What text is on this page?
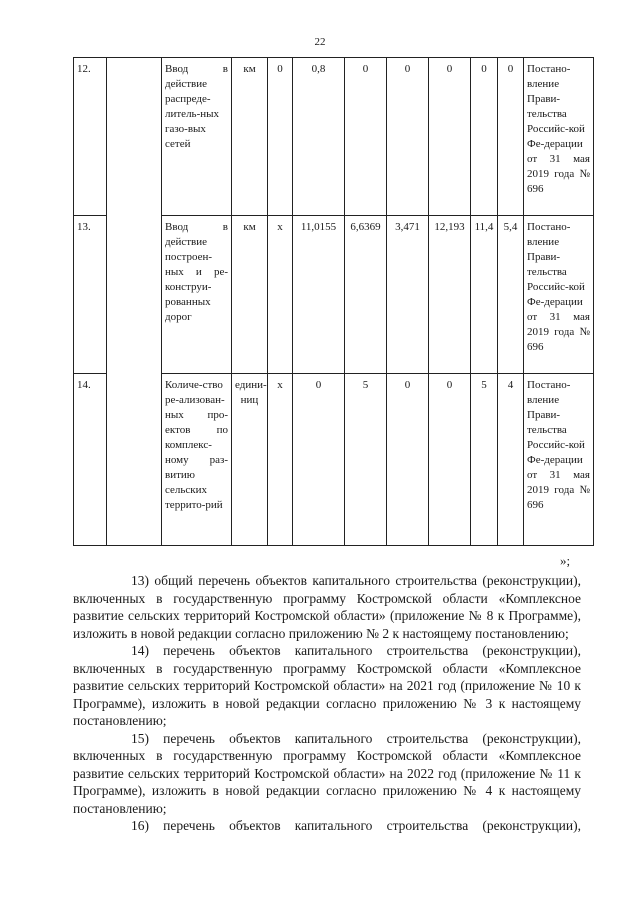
22
12.		Ввод в действие распреде-литель-ных газо-вых сетей	км	0	0,8	0	0	0	0	0	Постано-вление Прави-тельства Российс-кой Фе-дерации от 31 мая 2019 года № 696
13.		Ввод в действие построен-ных и ре-конструи-рованных дорог	км	х	11,0155	6,6369	3,471	12,193	11,4	5,4	Постано-вление Прави-тельства Российс-кой Фе-дерации от 31 мая 2019 года № 696
14.		Количе-ство ре-ализован-ных про-ектов по комплекс-ному раз-витию сельских террито-рий	едини-ниц	х	0	5	0	0	5	4	Постано-вление Прави-тельства Российс-кой Фе-дерации от 31 мая 2019 года № 696
»;

13) общий перечень объектов капитального строительства (реконструкции), включенных в государственную программу Костромской области «Комплексное развитие сельских территорий Костромской области» (приложение № 8 к Программе), изложить в новой редакции согласно приложению № 2 к настоящему постановлению;

14) перечень объектов капитального строительства (реконструкции), включенных в государственную программу Костромской области «Комплексное развитие сельских территорий Костромской области» на 2021 год (приложение № 10 к Программе), изложить в новой редакции согласно приложению № 3 к настоящему постановлению;

15) перечень объектов капитального строительства (реконструкции), включенных в государственную программу Костромской области «Комплексное развитие сельских территорий Костромской области» на 2022 год (приложение № 11 к Программе), изложить в новой редакции согласно приложению № 4 к настоящему постановлению;

16) перечень объектов капитального строительства (реконструкции),
